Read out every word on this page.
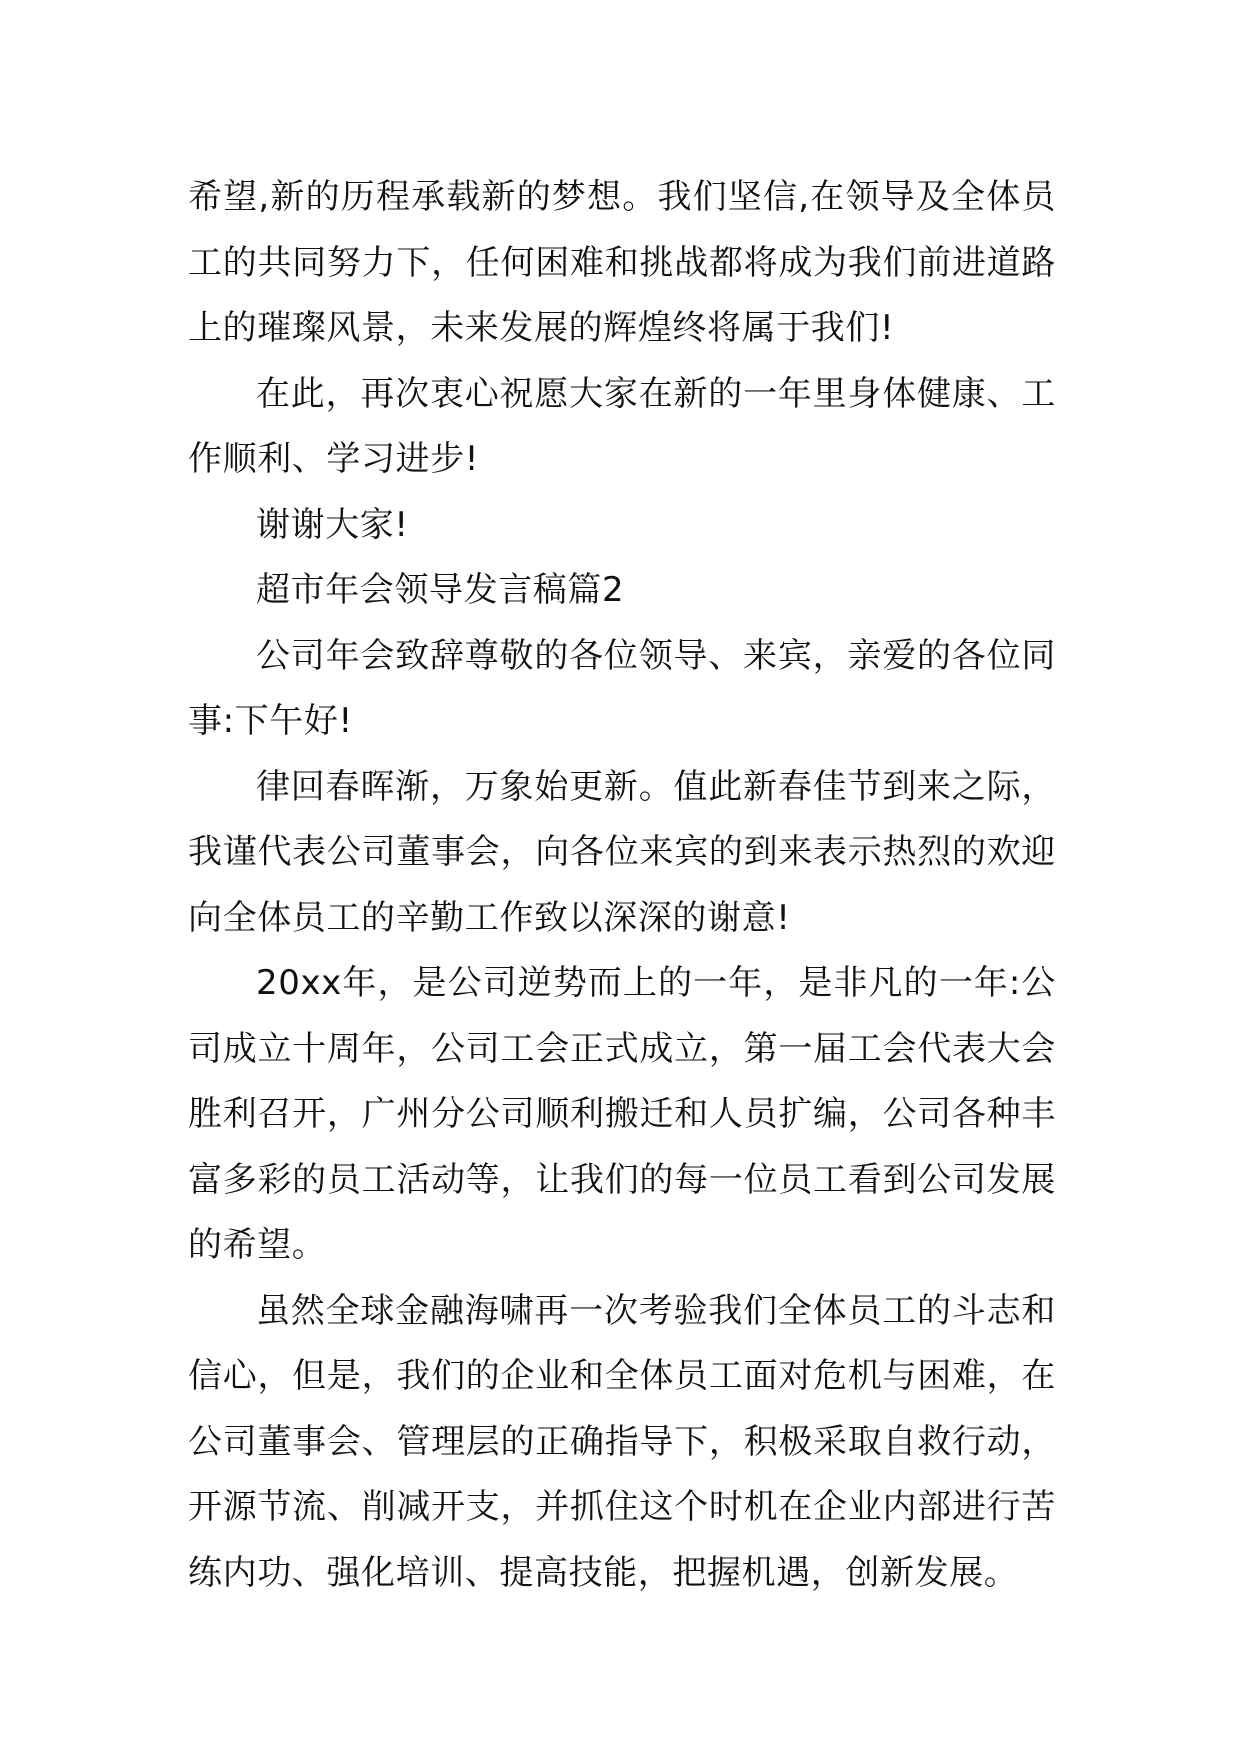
希望,新的历程承载新的梦想。我们坚信,在领导及全体员工的共同努力下，任何困难和挑战都将成为我们前进道路上的璀璨风景，未来发展的辉煌终将属于我们!

在此，再次衷心祝愿大家在新的一年里身体健康、工作顺利、学习进步!

谢谢大家!

超市年会领导发言稿篇2

公司年会致辞尊敬的各位领导、来宾，亲爱的各位同事:下午好!

律回春晖渐，万象始更新。值此新春佳节到来之际，我谨代表公司董事会，向各位来宾的到来表示热烈的欢迎向全体员工的辛勤工作致以深深的谢意!

20xx年，是公司逆势而上的一年，是非凡的一年:公司成立十周年，公司工会正式成立，第一届工会代表大会胜利召开，广州分公司顺利搬迁和人员扩编，公司各种丰富多彩的员工活动等，让我们的每一位员工看到公司发展的希望。

虽然全球金融海啸再一次考验我们全体员工的斗志和信心，但是，我们的企业和全体员工面对危机与困难，在公司董事会、管理层的正确指导下，积极采取自救行动，开源节流、削减开支，并抓住这个时机在企业内部进行苦练内功、强化培训、提高技能，把握机遇，创新发展。
